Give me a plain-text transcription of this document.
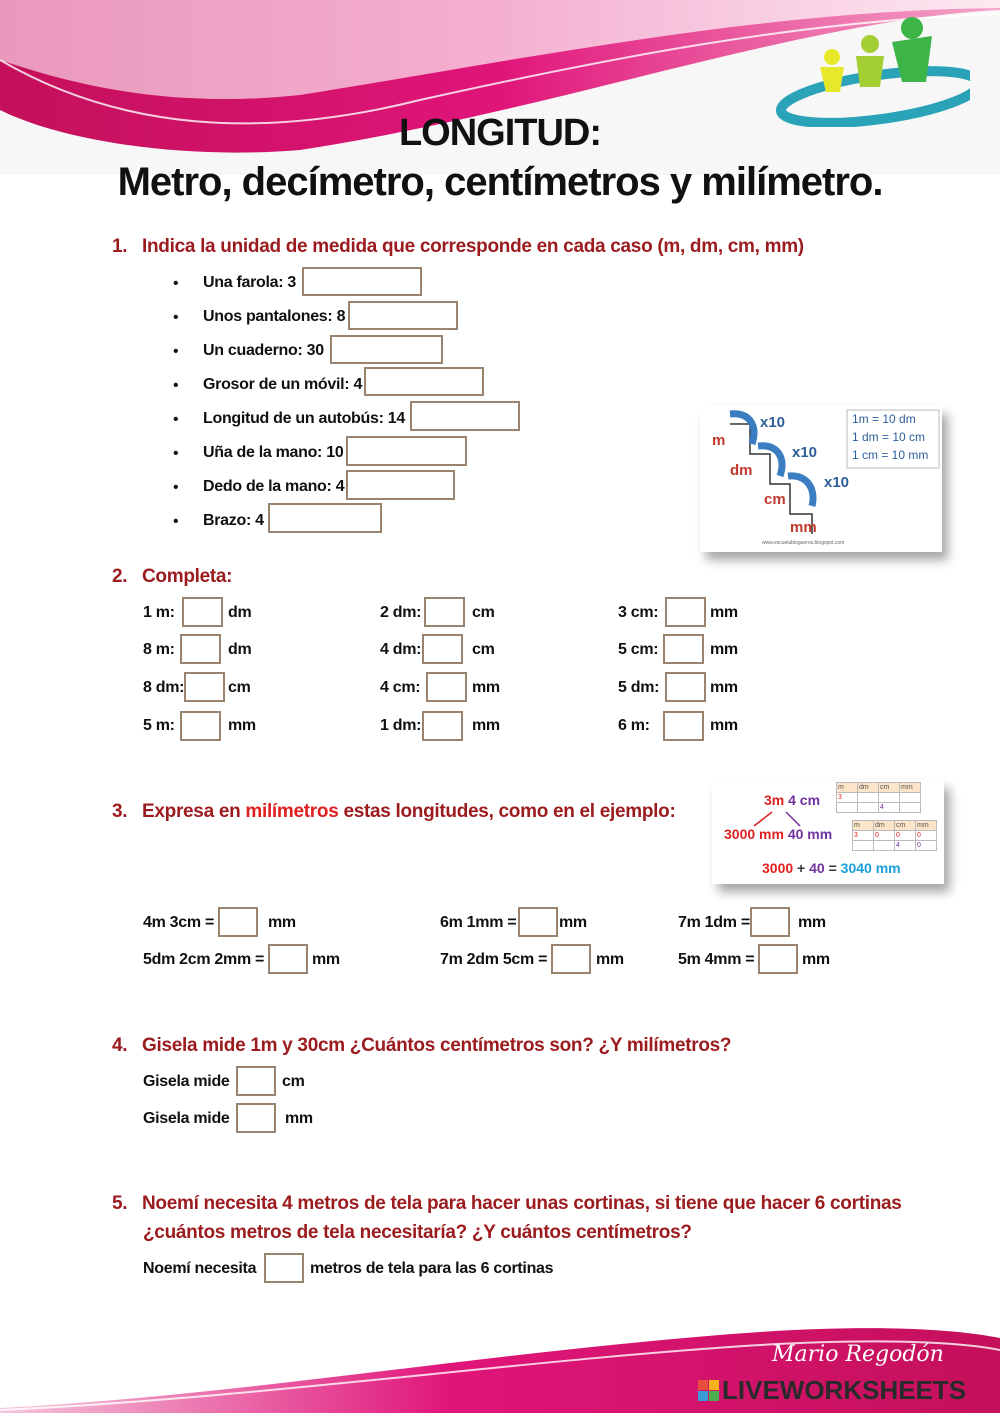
LONGITUD:
Metro, decímetro, centímetros y milímetro.
1. Indica la unidad de medida que corresponde en cada caso (m, dm, cm, mm)
• Una farola: 3
• Unos pantalones: 8
• Un cuaderno: 30
• Grosor de un móvil: 4
• Longitud de un autobús: 14
• Uña de la mano: 10
• Dedo de la mano: 4
• Brazo: 4
x10
x10
x10
m
dm
cm
mm
1m = 10 dm
1 dm = 10 cm
1 cm = 10 mm
www.escuelablogueros.blogspot.com
2. Completa:
1 m:	dm	2 dm:	cm	3 cm:	mm
8 m:	dm	4 dm:	cm	5 cm:	mm
8 dm:	cm	4 cm:	mm	5 dm:	mm
5 m:	mm	1 dm:	mm	6 m:	mm
3. Expresa en milímetros estas longitudes, como en el ejemplo:
3m 4 cm
3000 mm 40 mm
3000 + 40 = 3040 mm
m	dm	cm	mm
3			
		4	
m	dm	cm	mm
3	0	0	0
		4	0
4m 3cm =	mm	6m 1mm =	mm	7m 1dm =	mm
5dm 2cm 2mm =	mm	7m 2dm 5cm =	mm	5m 4mm =	mm
4. Gisela mide 1m y 30cm ¿Cuántos centímetros son? ¿Y milímetros?
Gisela mide	cm
Gisela mide	mm
5. Noemí necesita 4 metros de tela para hacer unas cortinas, si tiene que hacer 6 cortinas
¿cuántos metros de tela necesitaría? ¿Y cuántos centímetros?
Noemí necesita	metros de tela para las 6 cortinas
Mario Regodón
LIVEWORKSHEETS
